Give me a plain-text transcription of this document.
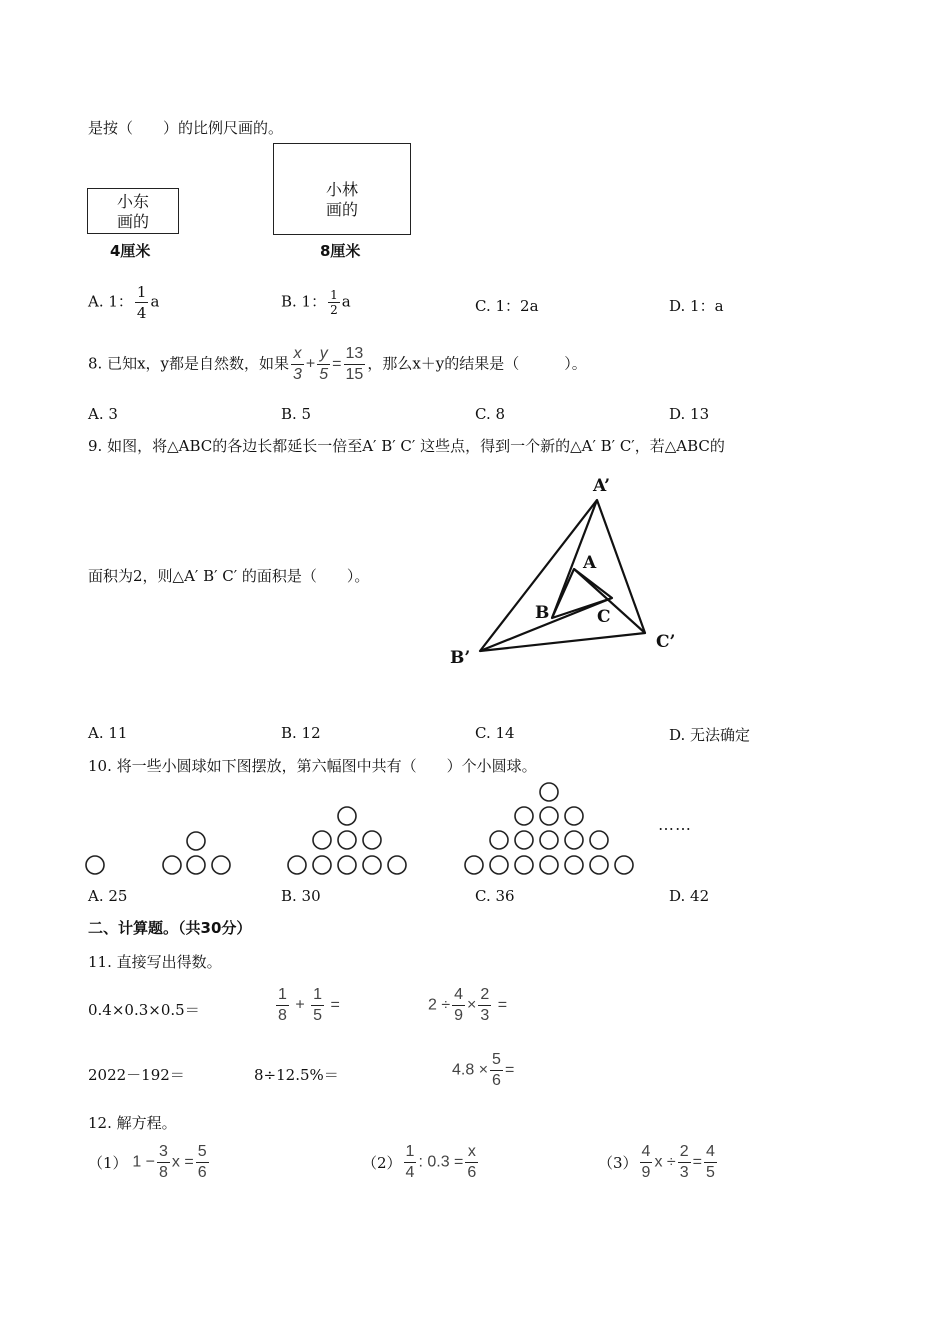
是按（　　）的比例尺画的。
小东
画的
4厘米
小林
画的
8厘米
A. 1： $\frac{1}{4}$ a	B. 1： $\frac{1}{2}$ a	C. 1：2a	D. 1：a
8. 已知x，y都是自然数，如果 $\frac{x}{3} + \frac{y}{5} = \frac{13}{15}$ ，那么x＋y的结果是（　　　）。
A. 3	B. 5	C. 8	D. 13
9. 如图，将△ABC的各边长都延长一倍至A′ B′ C′ 这些点，得到一个新的△A′ B′ C′，若△ABC的
面积为2，则△A′ B′ C′ 的面积是（　　）。
A’
B’
C’
A
B	C
A. 11	B. 12	C. 14	D. 无法确定
10. 将一些小圆球如下图摆放，第六幅图中共有（　　）个小圆球。
……
A. 25	B. 30	C. 36	D. 42
二、计算题。（共30分）
11. 直接写出得数。
0.4×0.3×0.5＝	$\frac{1}{8} + \frac{1}{5}$ =	$2 \div \frac{4}{9} \times \frac{2}{3}$ =
2022－192＝	8÷12.5%＝	$4.8 \times \frac{5}{6}$ =
12. 解方程。
（1） $1 - \frac{3}{8}$ $x = \frac{5}{6}$	$(2) \frac{1}{4}$ : $0.3 = \frac{x}{6}$	$(3) \frac{4}{9}$ $x \div \frac{2}{3} = \frac{4}{5}$
